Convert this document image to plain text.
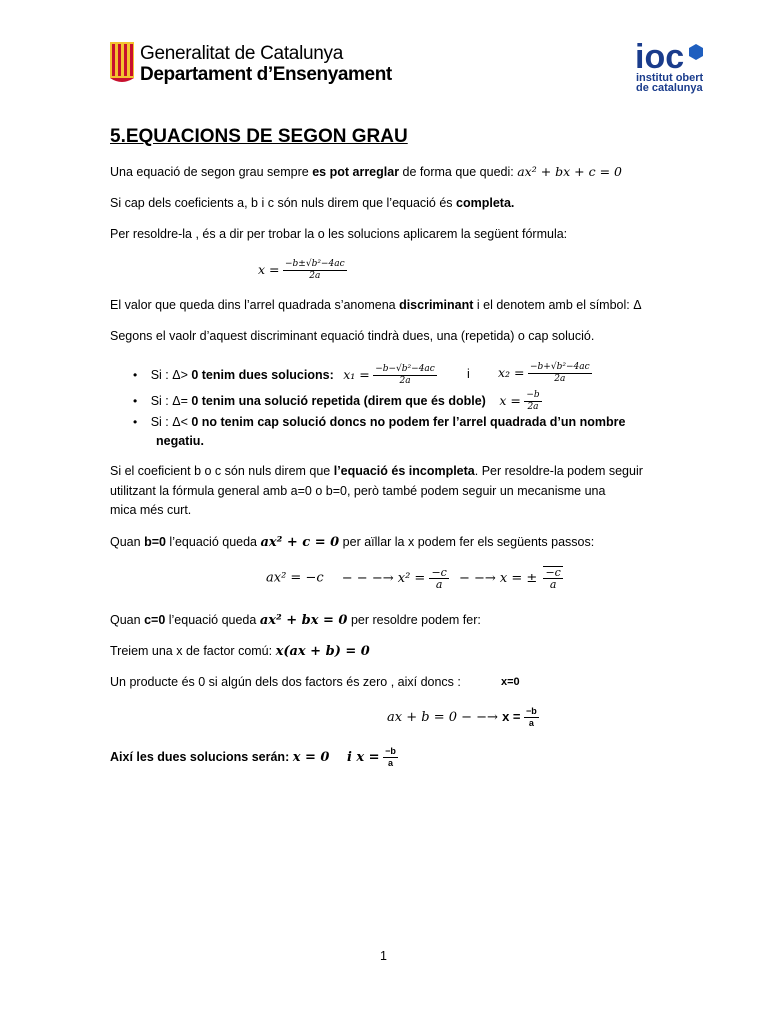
Generalitat de Catalunya
Departament d’Ensenyament	ioc
institut obert
de catalunya
5.EQUACIONS DE SEGON GRAU
Una equació de segon grau sempre es pot arreglar de forma que quedi: ax² + bx + c = 0
Si cap dels coeficients a, b i c són nuls direm que l’equació és completa.
Per resoldre-la , és a dir per trobar la o les solucions aplicarem la següent fórmula:
$x = \frac{\text{−b±√b²−4ac}}{2a}$
El valor que queda dins l’arrel quadrada s’anomena discriminant i el denotem amb el símbol: Δ
Segons el vaolr d’aquest discriminant equació tindrà dues, una (repetida) o cap solució.
• Si : Δ> 0 tenim dues solucions: $x_1 = \frac{\text{−b−√b²−4ac}}{2a}$ i $x_2 = \frac{\text{−b+√b²−4ac}}{2a}$
• Si : Δ= 0 tenim una solució repetida (direm que és doble) $x = \frac{-b}{2a}$
• Si : Δ< 0 no tenim cap solució doncs no podem fer l’arrel quadrada d’un nombre
negatiu.
Si el coeficient b o c són nuls direm que l’equació és incompleta. Per resoldre-la podem seguir
utilitzant la fórmula general amb a=0 o b=0, però també podem seguir un mecanisme una
mica més curt.
Quan b=0 l’equació queda ax² + c = 0 per aïllar la x podem fer els següents passos:
ax² = −c − − −→ $x^2 = \frac{-c}{a}$ − −→ x = ± $\frac{-c}{a}$
Quan c=0 l’equació queda ax² + bx = 0 per resoldre podem fer:
Treiem una x de factor comú: x(ax + b) = 0
Un producte és 0 si algún dels dos factors és zero , així doncs :	x=0
ax + b = 0 − −→ $x = \frac{-b}{a}$
Així les dues solucions serán: x = 0 i $x = \frac{-b}{a}$
1
